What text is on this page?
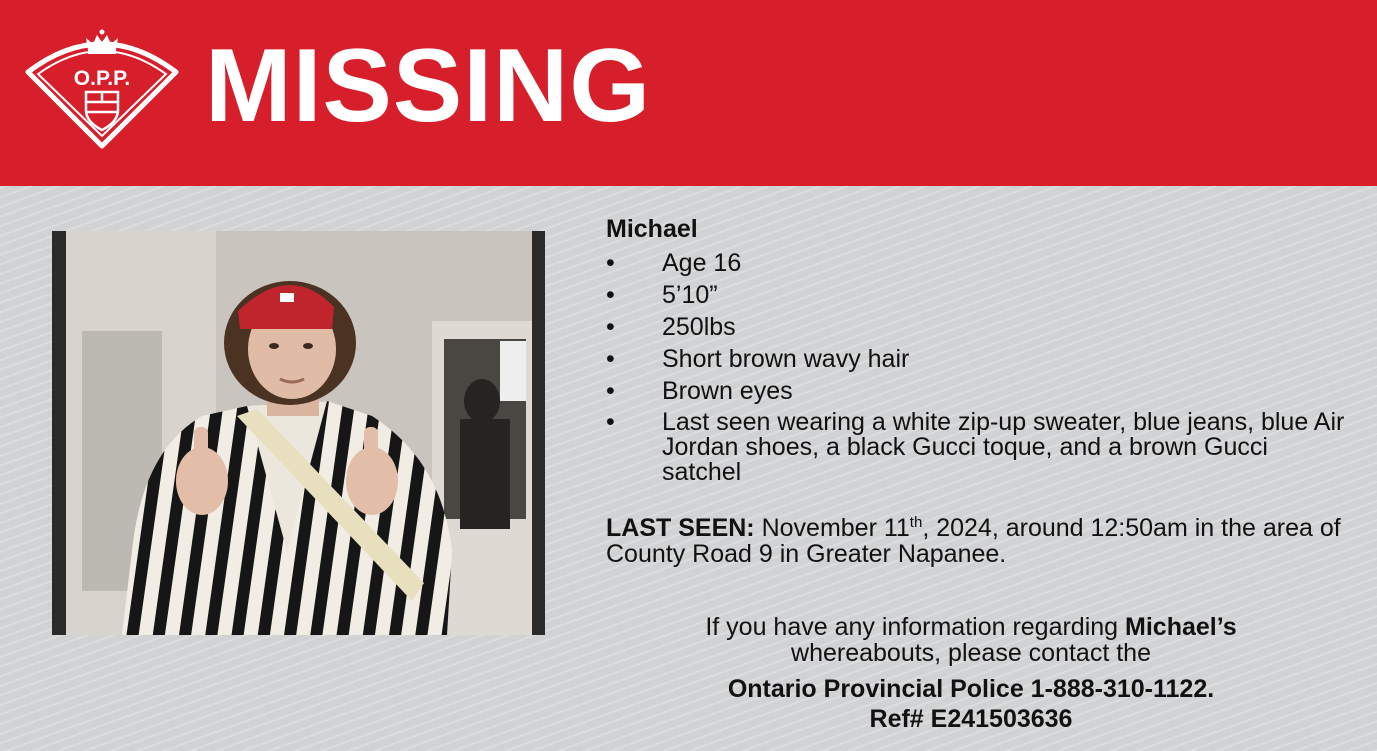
O.P.P. MISSING
Michael
• Age 16
• 5’10”
• 250lbs
• Short brown wavy hair
• Brown eyes
• Last seen wearing a white zip-up sweater, blue jeans, blue Air Jordan shoes, a black Gucci toque, and a brown Gucci satchel
LAST SEEN: November 11th, 2024, around 12:50am in the area of County Road 9 in Greater Napanee.
If you have any information regarding Michael’s
whereabouts, please contact the
Ontario Provincial Police 1-888-310-1122.
Ref# E241503636
